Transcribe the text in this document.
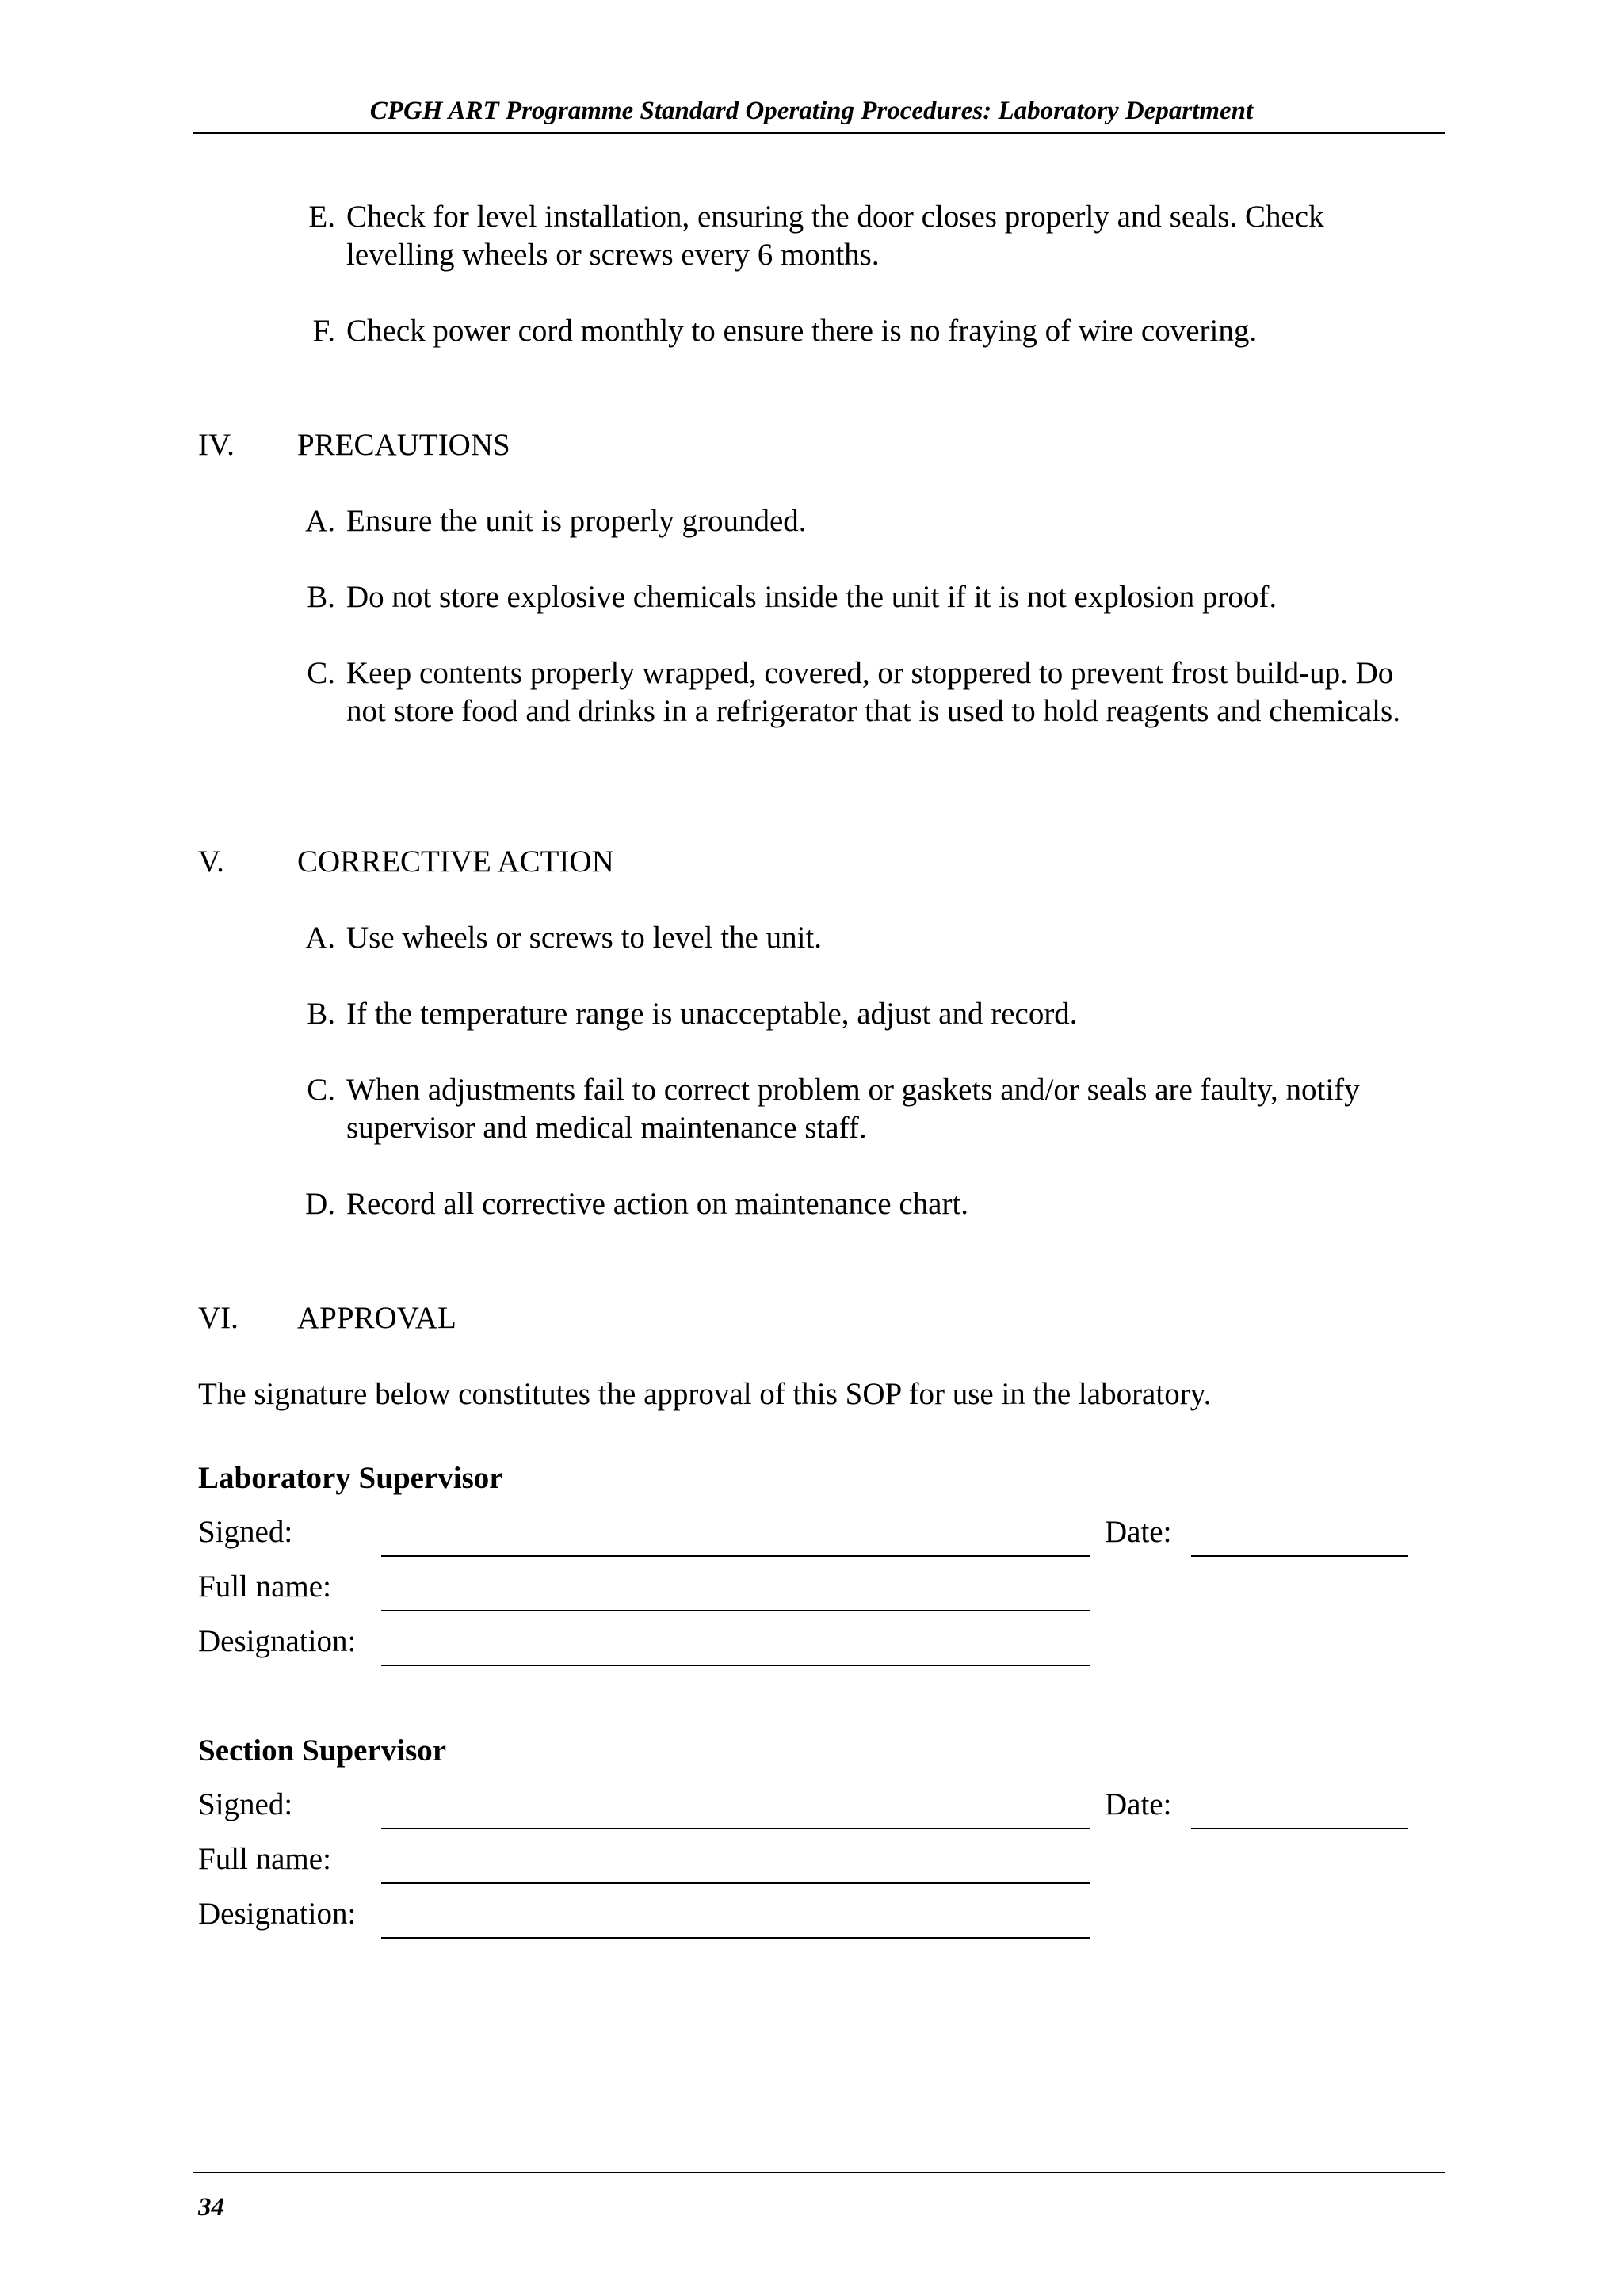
CPGH ART Programme Standard Operating Procedures: Laboratory Department
E. Check for level installation, ensuring the door closes properly and seals. Check levelling wheels or screws every 6 months.
F. Check power cord monthly to ensure there is no fraying of wire covering.
IV. PRECAUTIONS
A. Ensure the unit is properly grounded.
B. Do not store explosive chemicals inside the unit if it is not explosion proof.
C. Keep contents properly wrapped, covered, or stoppered to prevent frost build-up. Do not store food and drinks in a refrigerator that is used to hold reagents and chemicals.
V. CORRECTIVE ACTION
A. Use wheels or screws to level the unit.
B. If the temperature range is unacceptable, adjust and record.
C. When adjustments fail to correct problem or gaskets and/or seals are faulty, notify supervisor and medical maintenance staff.
D. Record all corrective action on maintenance chart.
VI. APPROVAL
The signature below constitutes the approval of this SOP for use in the laboratory.
Laboratory Supervisor
Signed:	Date:
Full name:
Designation:
Section Supervisor
Signed:	Date:
Full name:
Designation:
34
